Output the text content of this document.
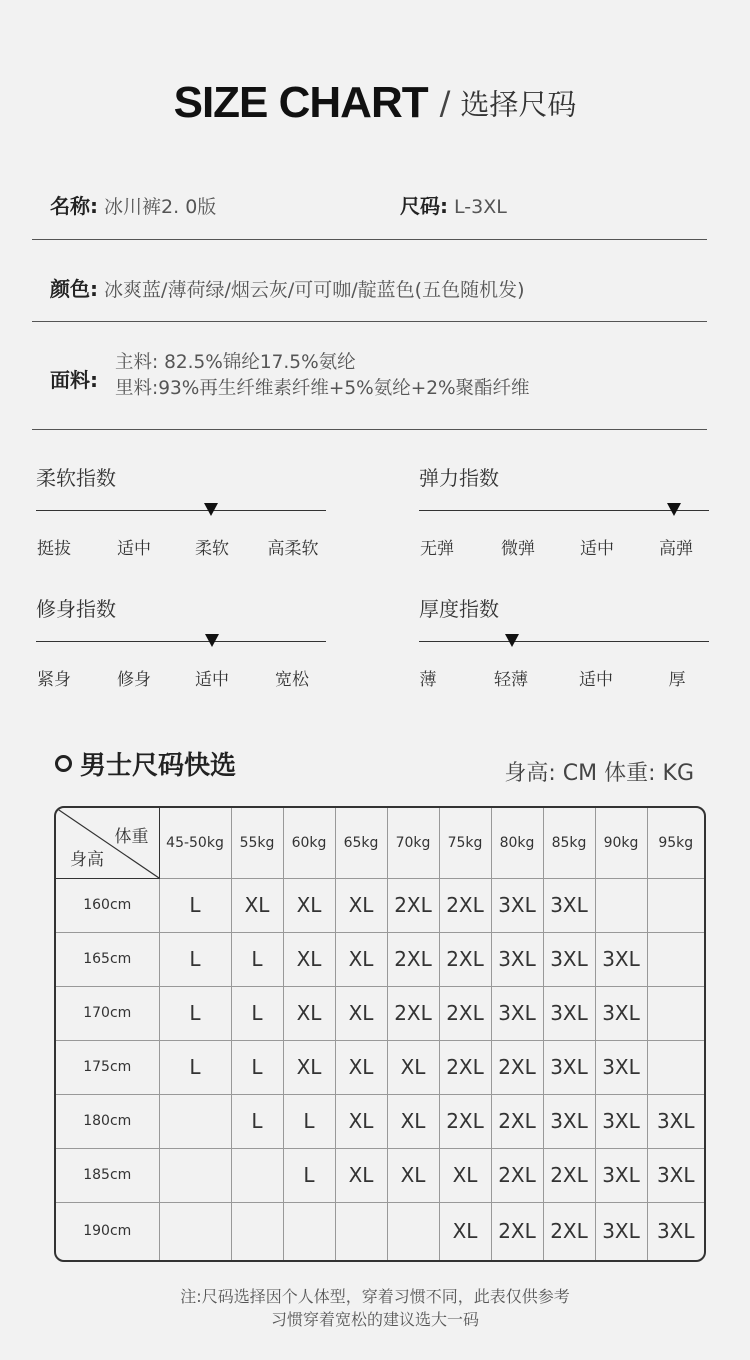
SIZE CHART / 选择尺码
名称: 冰川裤2. 0版	尺码: L-3XL
颜色: 冰爽蓝/薄荷绿/烟云灰/可可咖/靛蓝色(五色随机发)
面料:
主料: 82.5%锦纶17.5%氨纶
里料:93%再生纤维素纤维+5%氨纶+2%聚酯纤维
柔软指数
挺拔	适中	柔软 高柔软
弹力指数
无弹	微弹	适中	高弹
修身指数
紧身	修身	适中	宽松
厚度指数
薄	轻薄	适中	厚
男士尺码快选	身高: CM 体重: KG
体重
身高	45-50kg	55kg	60kg	65kg	70kg	75kg	80kg	85kg	90kg	95kg
160cm	L	XL	XL	XL	2XL	2XL	3XL	3XL		
165cm	L	L	XL	XL	2XL	2XL	3XL	3XL	3XL	
170cm	L	L	XL	XL	2XL	2XL	3XL	3XL	3XL	
175cm	L	L	XL	XL	XL	2XL	2XL	3XL	3XL	
180cm		L	L	XL	XL	2XL	2XL	3XL	3XL	3XL
185cm			L	XL	XL	XL	2XL	2XL	3XL	3XL
190cm						XL	2XL	2XL	3XL	3XL
注:尺码选择因个人体型，穿着习惯不同，此表仅供参考
习惯穿着宽松的建议选大一码
